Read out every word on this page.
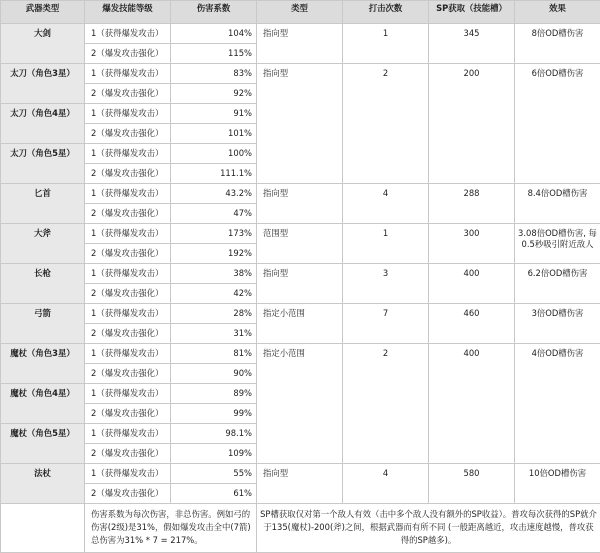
武器类型	爆发技能等级	伤害系数	类型	打击次数	SP获取（技能槽）	效果
大剑	1（获得爆发攻击）	104%	指向型	1	345	8倍OD槽伤害
	2（爆发攻击强化）	115%				
太刀（角色3星）	1（获得爆发攻击）	83%	指向型	2	200	6倍OD槽伤害
	2（爆发攻击强化）	92%				
太刀（角色4星）	1（获得爆发攻击）	91%				
	2（爆发攻击强化）	101%				
太刀（角色5星）	1（获得爆发攻击）	100%				
	2（爆发攻击强化）	111.1%				
匕首	1（获得爆发攻击）	43.2%	指向型	4	288	8.4倍OD槽伤害
	2（爆发攻击强化）	47%				
大斧	1（获得爆发攻击）	173%	范围型	1	300	3.08倍OD槽伤害, 每0.5秒吸引附近敌人
	2（爆发攻击强化）	192%				
长枪	1（获得爆发攻击）	38%	指向型	3	400	6.2倍OD槽伤害
	2（爆发攻击强化）	42%				
弓箭	1（获得爆发攻击）	28%	指定小范围	7	460	3倍OD槽伤害
	2（爆发攻击强化）	31%				
魔杖（角色3星）	1（获得爆发攻击）	81%	指定小范围	2	400	4倍OD槽伤害
	2（爆发攻击强化）	90%				
魔杖（角色4星）	1（获得爆发攻击）	89%				
	2（爆发攻击强化）	99%				
魔杖（角色5星）	1（获得爆发攻击）	98.1%				
	2（爆发攻击强化）	109%				
法杖	1（获得爆发攻击）	55%	指向型	4	580	10倍OD槽伤害
	2（爆发攻击强化）	61%				
	伤害系数为每次伤害，非总伤害。例如弓的伤害(2级)是31%，假如爆发攻击全中(7箭)总伤害为31% * 7 = 217%。		SP槽获取仅对第一个敌人有效（击中多个敌人没有额外的SP收益）。普攻每次获得的SP就介于135(魔杖)-200(斧)之间，根据武器而有所不同 (一般距离越近，攻击速度越慢，普攻获得的SP越多)。			
